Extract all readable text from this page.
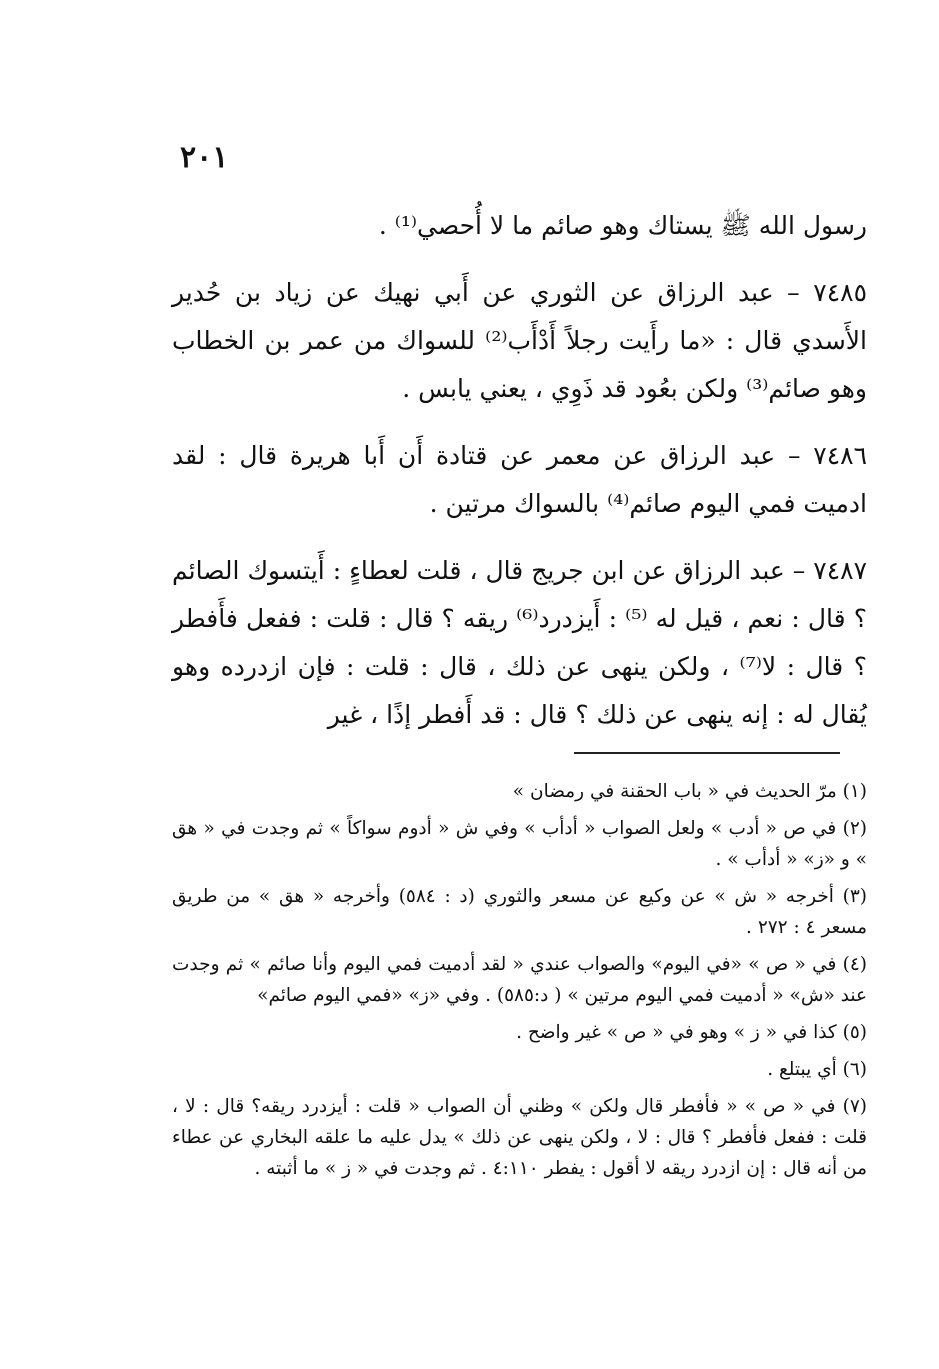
٢٠١

رسول الله ﷺ يستاك وهو صائم ما لا أُحصي⁽¹⁾ .

٧٤٨٥ – عبد الرزاق عن الثوري عن أَبي نهيك عن زياد بن حُدير الأَسدي قال : «ما رأَيت رجلاً أَدْأَب⁽²⁾ للسواك من عمر بن الخطاب وهو صائم⁽³⁾ ولكن بعُود قد ذَوِي ، يعني يابس .

٧٤٨٦ – عبد الرزاق عن معمر عن قتادة أَن أَبا هريرة قال : لقد ادميت فمي اليوم صائم⁽⁴⁾ بالسواك مرتين .

٧٤٨٧ – عبد الرزاق عن ابن جريج قال ، قلت لعطاءٍ : أَيتسوك الصائم ؟ قال : نعم ، قيل له ⁽⁵⁾ : أَيزدرد⁽⁶⁾ ريقه ؟ قال : قلت : ففعل فأَفطر ؟ قال : لا⁽⁷⁾ ، ولكن ينهى عن ذلك ، قال : قلت : فإن ازدرده وهو يُقال له : إنه ينهى عن ذلك ؟ قال : قد أَفطر إذًا ، غير

(١) مرّ الحديث في « باب الحقنة في رمضان »

(٢) في ص « أدب » ولعل الصواب « أدأب » وفي ش « أدوم سواكاً » ثم وجدت في « هق » و «ز» « أدأب » .

(٣) أخرجه « ش » عن وكيع عن مسعر والثوري (د : ٥٨٤) وأخرجه « هق » من طريق مسعر ٤ : ٢٧٢ .

(٤) في « ص » «في اليوم» والصواب عندي « لقد أدميت فمي اليوم وأنا صائم » ثم وجدت عند «ش» « أدميت فمي اليوم مرتين » ( د:٥٨٥) . وفي «ز» «فمي اليوم صائم»

(٥) كذا في « ز » وهو في « ص » غير واضح .

(٦) أي يبتلع .

(٧) في « ص » « فأفطر قال ولكن » وظني أن الصواب « قلت : أيزدرد ريقه؟ قال : لا ، قلت : ففعل فأفطر ؟ قال : لا ، ولكن ينهى عن ذلك » يدل عليه ما علقه البخاري عن عطاء من أنه قال : إن ازدرد ريقه لا أقول : يفطر ٤:١١٠ . ثم وجدت في « ز » ما أثبته .
